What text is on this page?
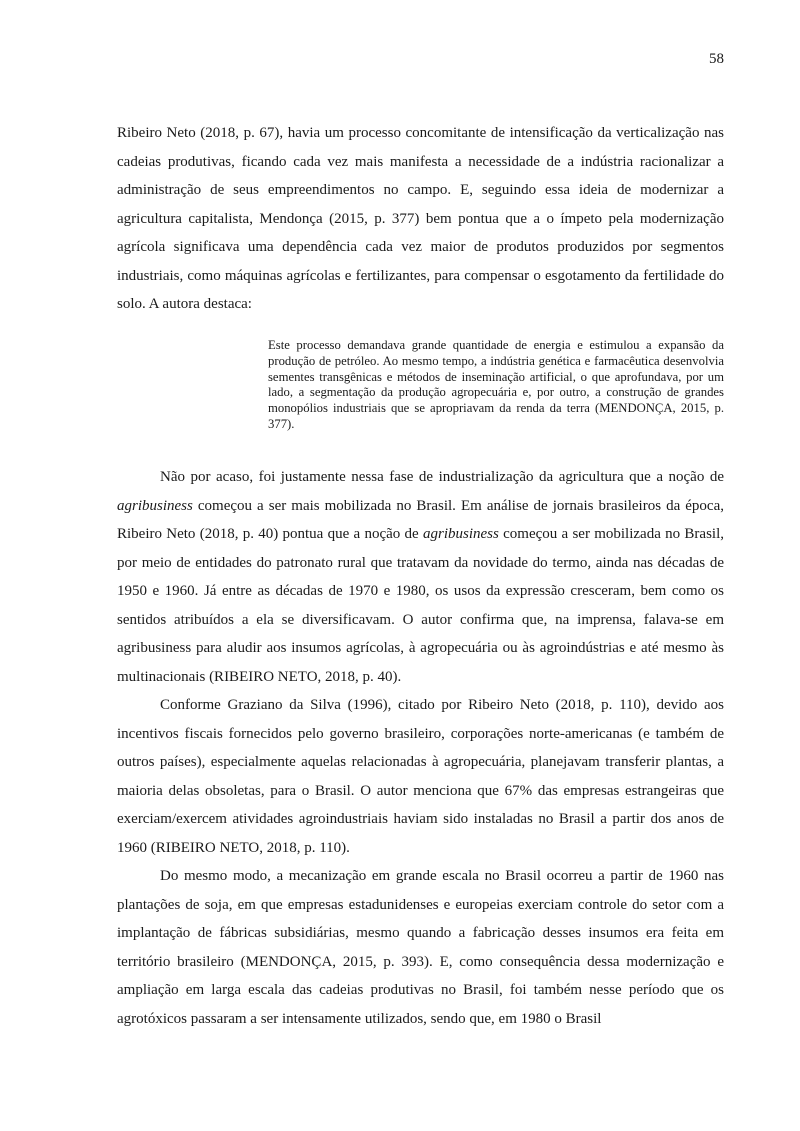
58

Ribeiro Neto (2018, p. 67), havia um processo concomitante de intensificação da verticalização nas cadeias produtivas, ficando cada vez mais manifesta a necessidade de a indústria racionalizar a administração de seus empreendimentos no campo. E, seguindo essa ideia de modernizar a agricultura capitalista, Mendonça (2015, p. 377) bem pontua que a o ímpeto pela modernização agrícola significava uma dependência cada vez maior de produtos produzidos por segmentos industriais, como máquinas agrícolas e fertilizantes, para compensar o esgotamento da fertilidade do solo. A autora destaca:

Este processo demandava grande quantidade de energia e estimulou a expansão da produção de petróleo. Ao mesmo tempo, a indústria genética e farmacêutica desenvolvia sementes transgênicas e métodos de inseminação artificial, o que aprofundava, por um lado, a segmentação da produção agropecuária e, por outro, a construção de grandes monopólios industriais que se apropriavam da renda da terra (MENDONÇA, 2015, p. 377).

Não por acaso, foi justamente nessa fase de industrialização da agricultura que a noção de agribusiness começou a ser mais mobilizada no Brasil. Em análise de jornais brasileiros da época, Ribeiro Neto (2018, p. 40) pontua que a noção de agribusiness começou a ser mobilizada no Brasil, por meio de entidades do patronato rural que tratavam da novidade do termo, ainda nas décadas de 1950 e 1960. Já entre as décadas de 1970 e 1980, os usos da expressão cresceram, bem como os sentidos atribuídos a ela se diversificavam. O autor confirma que, na imprensa, falava-se em agribusiness para aludir aos insumos agrícolas, à agropecuária ou às agroindústrias e até mesmo às multinacionais (RIBEIRO NETO, 2018, p. 40).

Conforme Graziano da Silva (1996), citado por Ribeiro Neto (2018, p. 110), devido aos incentivos fiscais fornecidos pelo governo brasileiro, corporações norte-americanas (e também de outros países), especialmente aquelas relacionadas à agropecuária, planejavam transferir plantas, a maioria delas obsoletas, para o Brasil. O autor menciona que 67% das empresas estrangeiras que exerciam/exercem atividades agroindustriais haviam sido instaladas no Brasil a partir dos anos de 1960 (RIBEIRO NETO, 2018, p. 110).

Do mesmo modo, a mecanização em grande escala no Brasil ocorreu a partir de 1960 nas plantações de soja, em que empresas estadunidenses e europeias exerciam controle do setor com a implantação de fábricas subsidiárias, mesmo quando a fabricação desses insumos era feita em território brasileiro (MENDONÇA, 2015, p. 393). E, como consequência dessa modernização e ampliação em larga escala das cadeias produtivas no Brasil, foi também nesse período que os agrotóxicos passaram a ser intensamente utilizados, sendo que, em 1980 o Brasil
